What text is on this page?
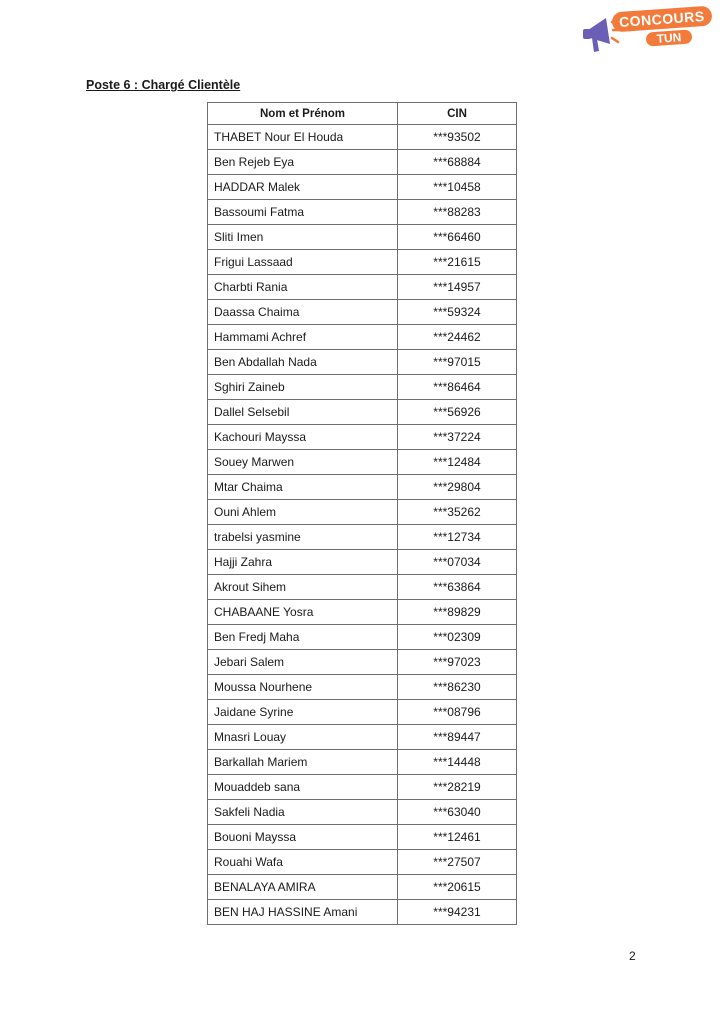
CONCOURS
TUN
Poste 6 : Chargé Clientèle
Nom et Prénom	CIN
THABET Nour El Houda	***93502
Ben Rejeb Eya	***68884
HADDAR Malek	***10458
Bassoumi Fatma	***88283
Sliti Imen	***66460
Frigui Lassaad	***21615
Charbti Rania	***14957
Daassa Chaima	***59324
Hammami Achref	***24462
Ben Abdallah Nada	***97015
Sghiri Zaineb	***86464
Dallel Selsebil	***56926
Kachouri Mayssa	***37224
Souey Marwen	***12484
Mtar Chaima	***29804
Ouni Ahlem	***35262
trabelsi yasmine	***12734
Hajji Zahra	***07034
Akrout Sihem	***63864
CHABAANE Yosra	***89829
Ben Fredj Maha	***02309
Jebari Salem	***97023
Moussa Nourhene	***86230
Jaidane Syrine	***08796
Mnasri Louay	***89447
Barkallah Mariem	***14448
Mouaddeb sana	***28219
Sakfeli Nadia	***63040
Bouoni Mayssa	***12461
Rouahi Wafa	***27507
BENALAYA AMIRA	***20615
BEN HAJ HASSINE Amani	***94231
2
